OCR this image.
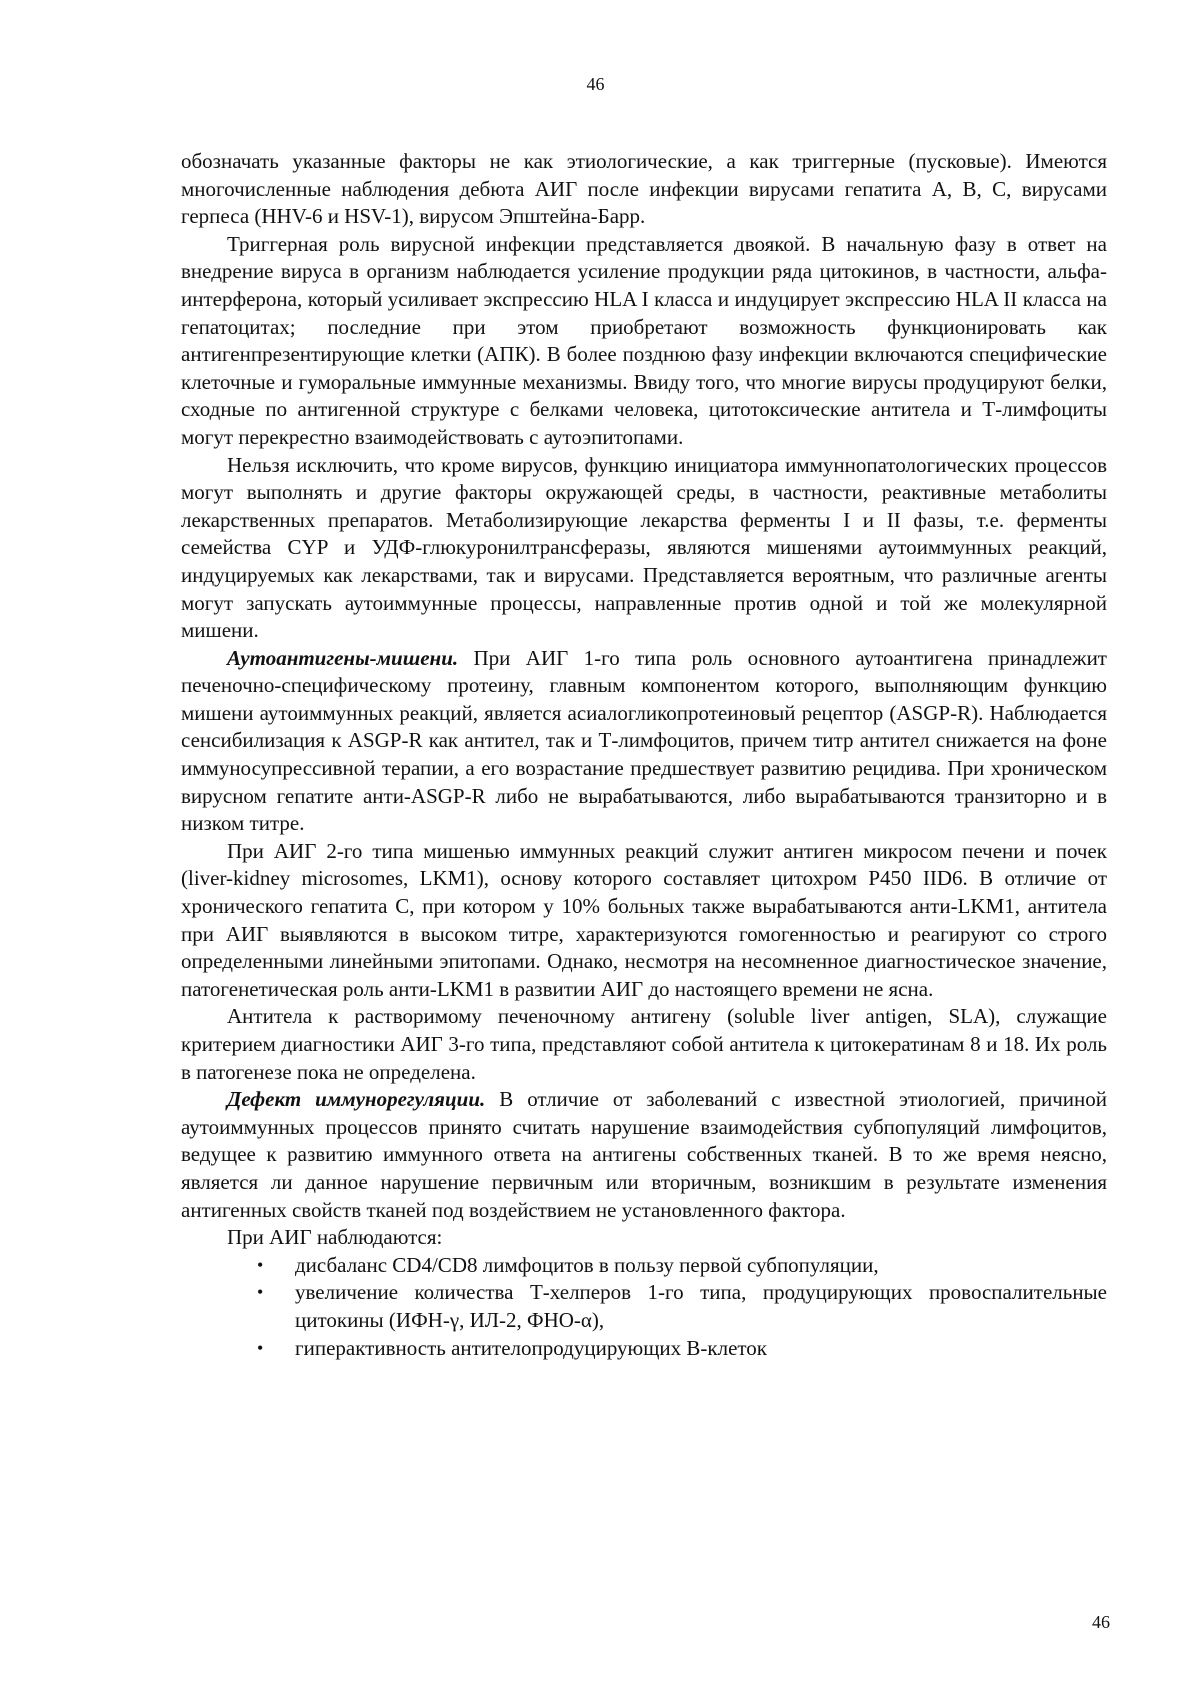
46

обозначать указанные факторы не как этиологические, а как триггерные (пусковые). Имеются многочисленные наблюдения дебюта АИГ после инфекции вирусами гепатита A, B, C, вирусами герпеса (HHV-6 и HSV-1), вирусом Эпштейна-Барр.

Триггерная роль вирусной инфекции представляется двоякой. В начальную фазу в ответ на внедрение вируса в организм наблюдается усиление продукции ряда цитокинов, в частности, альфа-интерферона, который усиливает экспрессию HLA I класса и индуцирует экспрессию HLA II класса на гепатоцитах; последние при этом приобретают возможность функционировать как антигенпрезентирующие клетки (АПК). В более позднюю фазу инфекции включаются специфические клеточные и гуморальные иммунные механизмы. Ввиду того, что многие вирусы продуцируют белки, сходные по антигенной структуре с белками человека, цитотоксические антитела и Т-лимфоциты могут перекрестно взаимодействовать с аутоэпитопами.

Нельзя исключить, что кроме вирусов, функцию инициатора иммуннопатологических процессов могут выполнять и другие факторы окружающей среды, в частности, реактивные метаболиты лекарственных препаратов. Метаболизирующие лекарства ферменты I и II фазы, т.е. ферменты семейства CYP и УДФ-глюкуронилтрансферазы, являются мишенями аутоиммунных реакций, индуцируемых как лекарствами, так и вирусами. Представляется вероятным, что различные агенты могут запускать аутоиммунные процессы, направленные против одной и той же молекулярной мишени.

Аутоантигены-мишени. При АИГ 1-го типа роль основного аутоантигена принадлежит печеночно-специфическому протеину, главным компонентом которого, выполняющим функцию мишени аутоиммунных реакций, является асиалогликопротеиновый рецептор (ASGP-R). Наблюдается сенсибилизация к ASGP-R как антител, так и Т-лимфоцитов, причем титр антител снижается на фоне иммуносупрессивной терапии, а его возрастание предшествует развитию рецидива. При хроническом вирусном гепатите анти-ASGP-R либо не вырабатываются, либо вырабатываются транзиторно и в низком титре.

При АИГ 2-го типа мишенью иммунных реакций служит антиген микросом печени и почек (liver-kidney microsomes, LKM1), основу которого составляет цитохром P450 IID6. В отличие от хронического гепатита С, при котором у 10% больных также вырабатываются анти-LKM1, антитела при АИГ выявляются в высоком титре, характеризуются гомогенностью и реагируют со строго определенными линейными эпитопами. Однако, несмотря на несомненное диагностическое значение, патогенетическая роль анти-LKM1 в развитии АИГ до настоящего времени не ясна.

Антитела к растворимому печеночному антигену (soluble liver antigen, SLA), служащие критерием диагностики АИГ 3-го типа, представляют собой антитела к цитокератинам 8 и 18. Их роль в патогенезе пока не определена.

Дефект иммунорегуляции. В отличие от заболеваний с известной этиологией, причиной аутоиммунных процессов принято считать нарушение взаимодействия субпопуляций лимфоцитов, ведущее к развитию иммунного ответа на антигены собственных тканей. В то же время неясно, является ли данное нарушение первичным или вторичным, возникшим в результате изменения антигенных свойств тканей под воздействием не установленного фактора.

При АИГ наблюдаются:

• дисбаланс CD4/CD8 лимфоцитов в пользу первой субпопуляции,
• увеличение количества Т-хелперов 1-го типа, продуцирующих провоспалительные цитокины (ИФН-γ, ИЛ-2, ФНО-α),
• гиперактивность антителопродуцирующих В-клеток
46
